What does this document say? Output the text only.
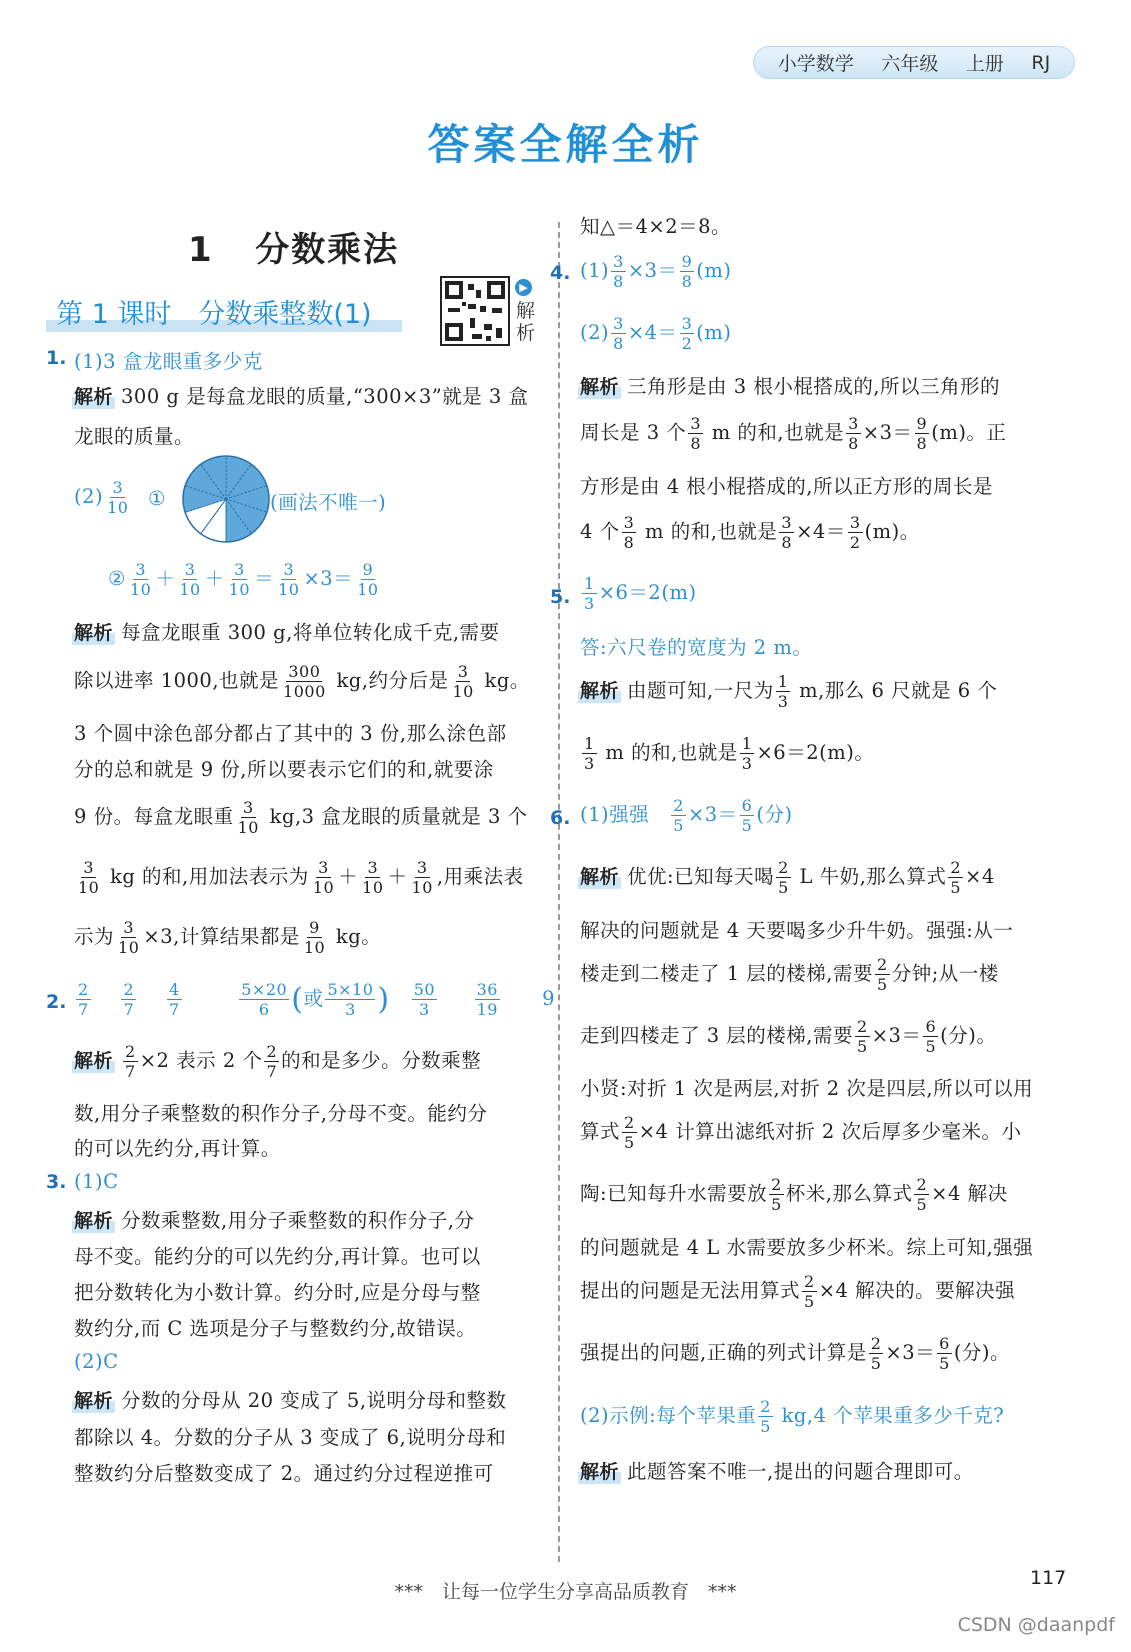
小学数学 六年级 上册 RJ
答案全解全析
1 分数乘法
第 1 课时　分数乘整数(1)
▶
解析
1. (1)3 盒龙眼重多少克
解析 300 g 是每盒龙眼的质量,“300×3”就是 3 盒
龙眼的质量。
$(2) \frac{3}{10}$ ①	(画法不唯一)
② $\frac{3}{10} + \frac{3}{10} + \frac{3}{10} = \frac{3}{10} \times 3= \frac{9}{10}$
解析 每盒龙眼重 300 g,将单位转化成千克,需要
除以进率 1000,也就是 $\frac{300}{1000}$ kg,约分后是 $\frac{3}{10}$ kg。
3 个圆中涂色部分都占了其中的 3 份,那么涂色部
分的总和就是 9 份,所以要表示它们的和,就要涂
9 份。每盒龙眼重 $\frac{3}{10} kg,3$ 盒龙眼的质量就是 3 个
$\frac{3}{10}$ kg 的和,用加法表示为 $\frac{3}{10} + \frac{3}{10} + \frac{3}{10}$ ,用乘法表
示为 $\frac{3}{10} \times 3$,计算结果都是 $\frac{9}{10}$ kg。
2. $\frac{2}{7}$
$\frac{2}{7}$
$\frac{4}{7}$
	$\frac{5\times 20}{6}$ (或 $\frac{5\times 10}{3}$ ) $\frac{50}{3}$
$\frac{36}{19} 9$
解析 $\frac{2}{7} \times 2$ 表示 2 个 $\frac{2}{7}$ 的和是多少。分数乘整
数,用分子乘整数的积作分子,分母不变。能约分
的可以先约分,再计算。
3. (1)C
解析 分数乘整数,用分子乘整数的积作分子,分
母不变。能约分的可以先约分,再计算。也可以
把分数转化为小数计算。约分时,应是分母与整
数约分,而 C 选项是分子与整数约分,故错误。
(2)C
解析 分数的分母从 20 变成了 5,说明分母和整数
都除以 4。分数的分子从 3 变成了 6,说明分母和
整数约分后整数变成了 2。通过约分过程逆推可
知△＝4×2＝8。
4. $(1) \frac{3}{8} \times 3= \frac{9}{8} (m)$
$(2) \frac{3}{8} \times 4= \frac{3}{2} (m)$
解析 三角形是由 3 根小棍搭成的,所以三角形的
周长是 3 个 $\frac{3}{8}$ m 的和,也就是 $\frac{3}{8} \times 3= \frac{9}{8} (m)$。正
方形是由 4 根小棍搭成的,所以正方形的周长是
4 个 $\frac{3}{8}$ m 的和,也就是 $\frac{3}{8} \times 4= \frac{3}{2} (m)$。
5. $\frac{1}{3} \times 6=2(m)$
答:六尺卷的宽度为 2 m。
解析 由题可知,一尺为 $\frac{1}{3} m$,那么 6 尺就是 6 个
$\frac{1}{3}$ m 的和,也就是 $\frac{1}{3} \times 6=2(m)$。
6. (1)强强 $\frac{2}{5} \times 3= \frac{6}{5}$ (分)
解析 优优:已知每天喝 $\frac{2}{5}$ L 牛奶,那么算式 $\frac{2}{5} \times 4$
解决的问题就是 4 天要喝多少升牛奶。强强:从一
楼走到二楼走了 1 层的楼梯,需要 $\frac{2}{5}$ 分钟;从一楼
走到四楼走了 3 层的楼梯,需要 $\frac{2}{5} \times 3= \frac{6}{5}$ (分)。
小贤:对折 1 次是两层,对折 2 次是四层,所以可以用
算式 $\frac{2}{5} \times 4$ 计算出滤纸对折 2 次后厚多少毫米。小
陶:已知每升水需要放 $\frac{2}{5}$ 杯米,那么算式 $\frac{2}{5} \times 4$ 解决
的问题就是 4 L 水需要放多少杯米。综上可知,强强
提出的问题是无法用算式 $\frac{2}{5} \times 4$ 解决的。要解决强
强提出的问题,正确的列式计算是 $\frac{2}{5} \times 3= \frac{6}{5}$ (分)。
(2)示例:每个苹果重 $\frac{2}{5} kg,4$ 个苹果重多少千克?
解析 此题答案不唯一,提出的问题合理即可。
117
***　让每一位学生分享高品质教育　***
CSDN @daanpdf
